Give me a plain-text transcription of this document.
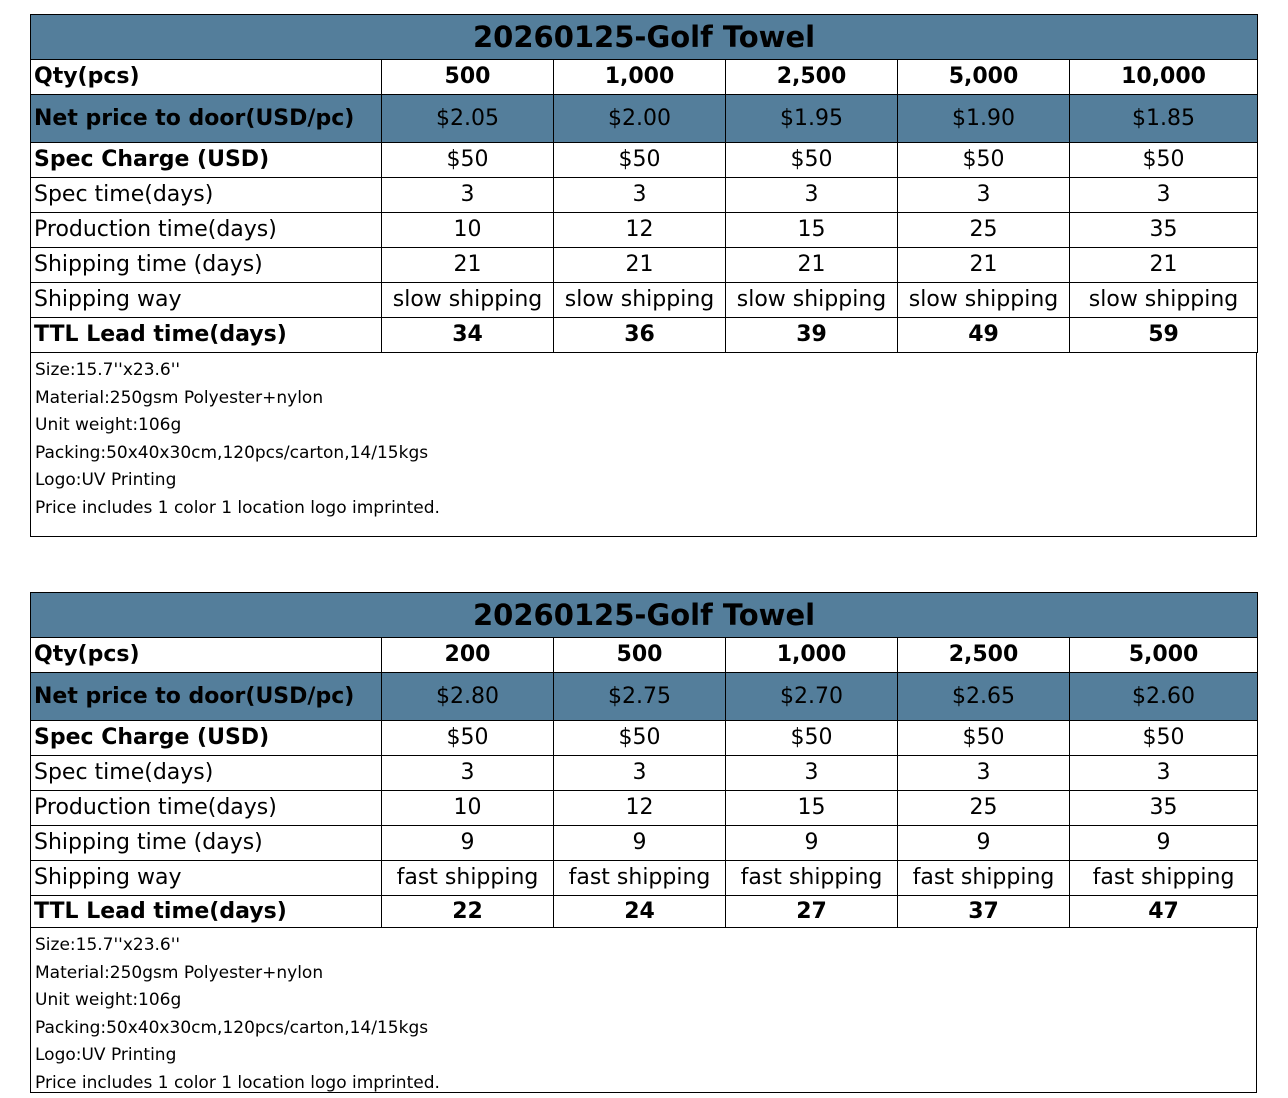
20260125-Golf Towel					
Qty(pcs)	500	1,000	2,500	5,000	10,000
Net price to door(USD/pc)	$2.05	$2.00	$1.95	$1.90	$1.85
Spec Charge (USD)	$50	$50	$50	$50	$50
Spec time(days)	3	3	3	3	3
Production time(days)	10	12	15	25	35
Shipping time (days)	21	21	21	21	21
Shipping way	slow shipping	slow shipping	slow shipping	slow shipping	slow shipping
TTL Lead time(days)	34	36	39	49	59
Size:15.7''x23.6''
Material:250gsm Polyester+nylon
Unit weight:106g
Packing:50x40x30cm,120pcs/carton,14/15kgs
Logo:UV Printing
Price includes 1 color 1 location logo imprinted.
20260125-Golf Towel					
Qty(pcs)	200	500	1,000	2,500	5,000
Net price to door(USD/pc)	$2.80	$2.75	$2.70	$2.65	$2.60
Spec Charge (USD)	$50	$50	$50	$50	$50
Spec time(days)	3	3	3	3	3
Production time(days)	10	12	15	25	35
Shipping time (days)	9	9	9	9	9
Shipping way	fast shipping	fast shipping	fast shipping	fast shipping	fast shipping
TTL Lead time(days)	22	24	27	37	47
Size:15.7''x23.6''
Material:250gsm Polyester+nylon
Unit weight:106g
Packing:50x40x30cm,120pcs/carton,14/15kgs
Logo:UV Printing
Price includes 1 color 1 location logo imprinted.
